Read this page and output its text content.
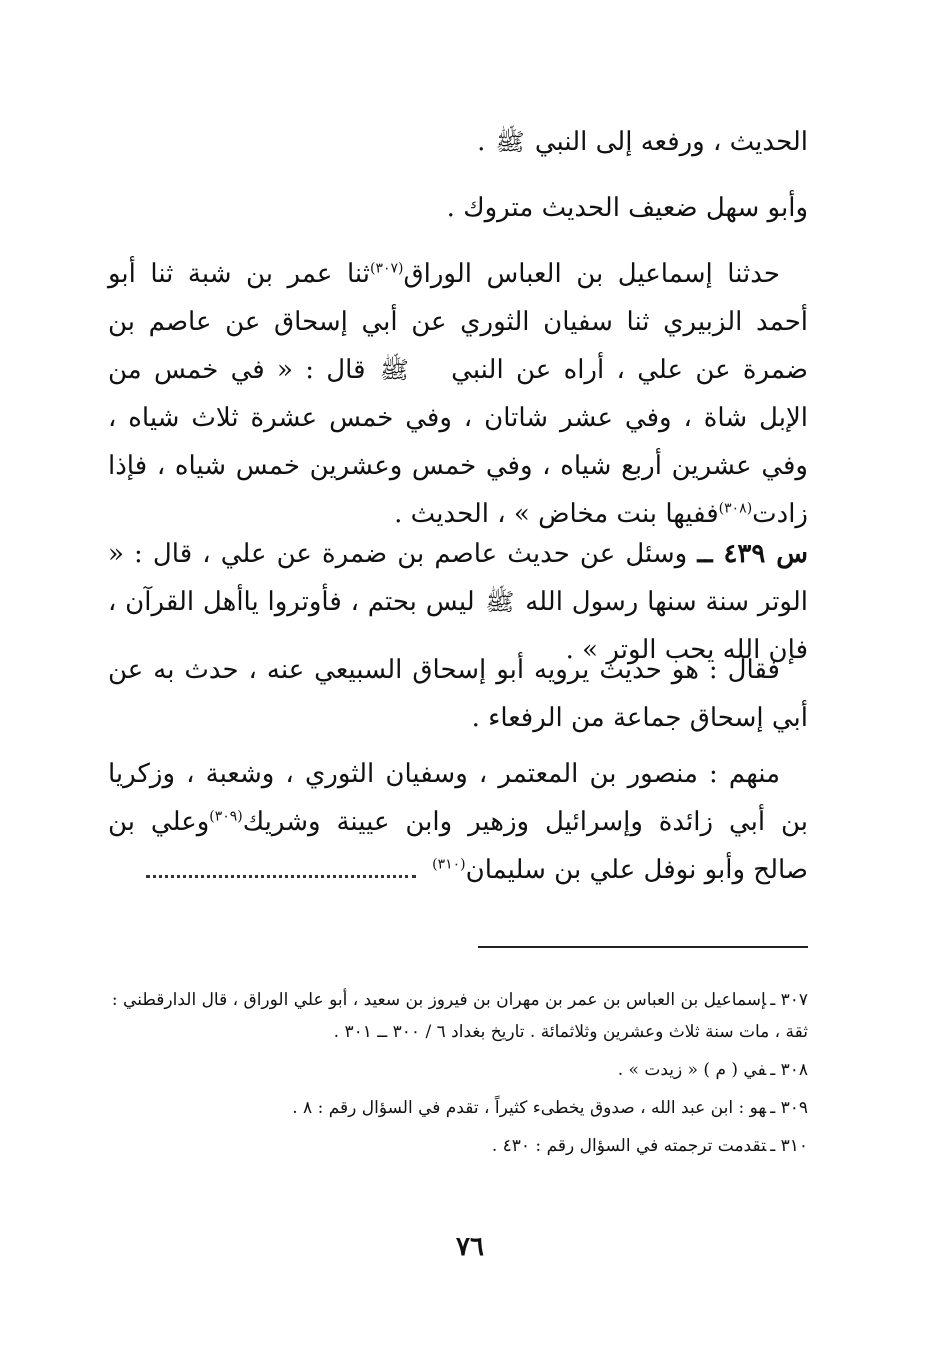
الحديث ، ورفعه إلى النبي ﷺ .

وأبو سهل ضعيف الحديث متروك .

حدثنا إسماعيل بن العباس الوراق$^{(٣٠٧)}$ثنا عمر بن شبة ثنا أبو أحمد الزبيري ثنا سفيان الثوري عن أبي إسحاق عن عاصم بن ضمرة عن علي ، أراه عن النبي ﷺ قال : « في خمس من الإبل شاة ، وفي عشر شاتان ، وفي خمس عشرة ثلاث شياه ، وفي عشرين أربع شياه ، وفي خمس وعشرين خمس شياه ، فإذا زادت$^{(٣٠٨)}$ففيها بنت مخاض » ، الحديث .

س ٤٣٩ ــ وسئل عن حديث عاصم بن ضمرة عن علي ، قال : « الوتر سنة سنها رسول الله ﷺ ليس بحتم ، فأوتروا ياأهل القرآن ، فإن الله يحب الوتر » .

فقال : هو حديث يرويه أبو إسحاق السبيعي عنه ، حدث به عن أبي إسحاق جماعة من الرفعاء .

منهم : منصور بن المعتمر ، وسفيان الثوري ، وشعبة ، وزكريا بن أبي زائدة وإسرائيل وزهير وابن عيينة وشريك$^{(٣٠٩)}$وعلي بن صالح وأبو نوفل علي بن سليمان$^{(٣١٠)}$

٣٠٧ ـإسماعيل بن العباس بن عمر بن مهران بن فيروز بن سعيد ، أبو علي الوراق ، قال الدارقطني : ثقة ، مات سنة ثلاث وعشرين وثلاثمائة . تاريخ بغداد ٦ / ٣٠٠ ــ ٣٠١ .

٣٠٨ ـفي ( م ) « زيدت » .

٣٠٩ ـهو : ابن عبد الله ، صدوق يخطىء كثيراً ، تقدم في السؤال رقم : ٨ .

٣١٠ ـتقدمت ترجمته في السؤال رقم : ٤٣٠ .

٧٦
